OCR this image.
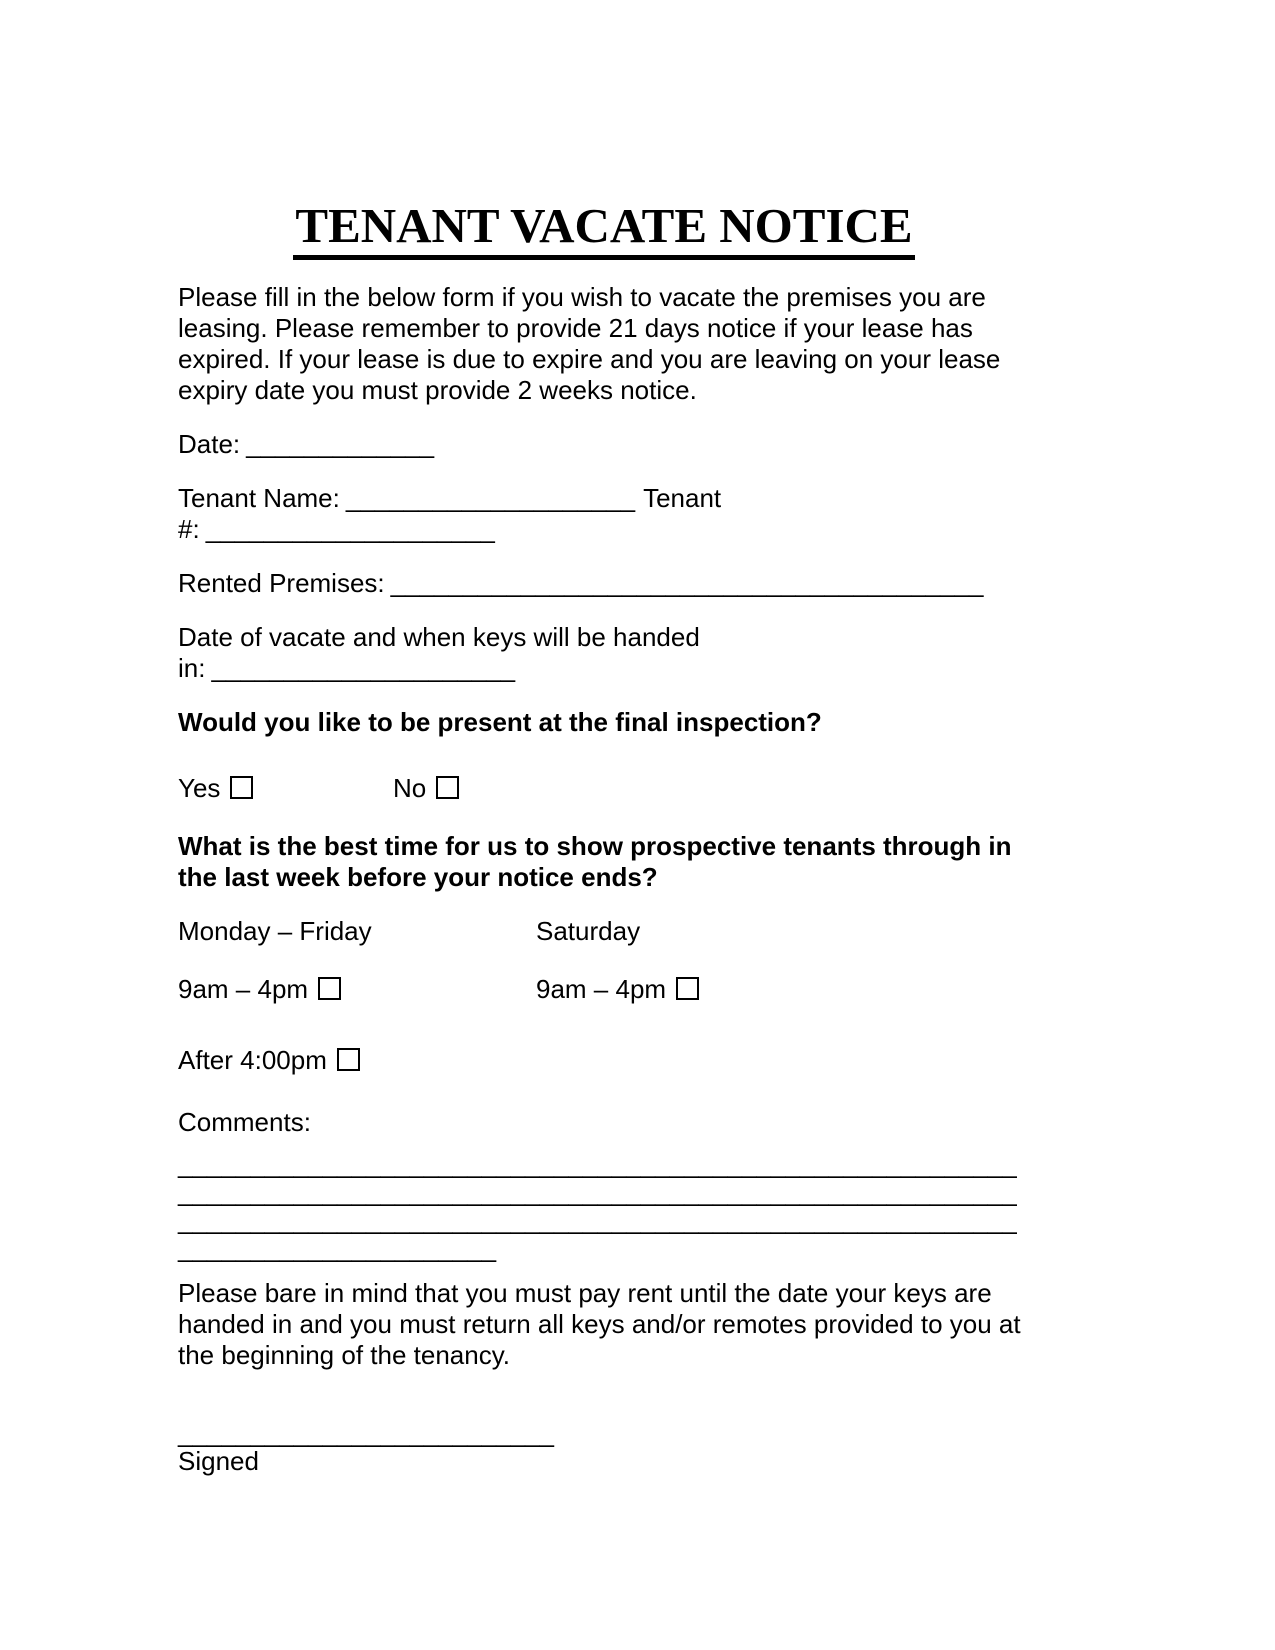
TENANT VACATE NOTICE

Please fill in the below form if you wish to vacate the premises you are leasing. Please remember to provide 21 days notice if your lease has expired. If your lease is due to expire and you are leaving on your lease expiry date you must provide 2 weeks notice.

Date: _____________

Tenant Name: ____________________ Tenant #: ____________________

Rented Premises: _________________________________________

Date of vacate and when keys will be handed in: _____________________

Would you like to be present at the final inspection?

Yes	No

What is the best time for us to show prospective tenants through in the last week before your notice ends?

Monday – Friday	Saturday

9am – 4pm	9am – 4pm

After 4:00pm

Comments:

__________________________________________________________
__________________________________________________________
__________________________________________________________
______________________

Please bare in mind that you must pay rent until the date your keys are handed in and you must return all keys and/or remotes provided to you at the beginning of the tenancy.

__________________________
Signed
